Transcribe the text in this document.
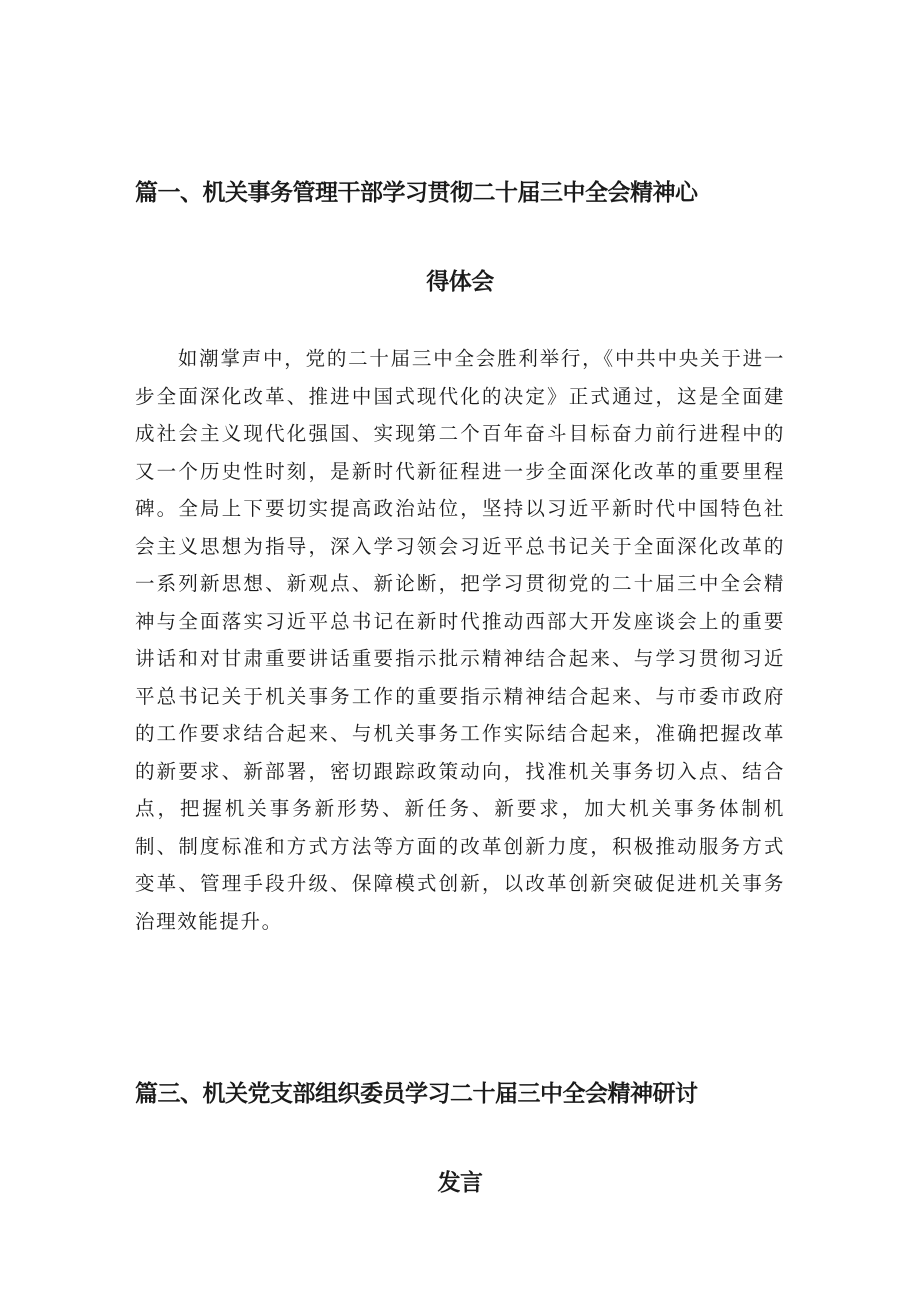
篇一、机关事务管理干部学习贯彻二十届三中全会精神心
得体会

如潮掌声中，党的二十届三中全会胜利举行，《中共中央关于进一步全面深化改革、推进中国式现代化的决定》正式通过，这是全面建成社会主义现代化强国、实现第二个百年奋斗目标奋力前行进程中的又一个历史性时刻，是新时代新征程进一步全面深化改革的重要里程碑。全局上下要切实提高政治站位，坚持以习近平新时代中国特色社会主义思想为指导，深入学习领会习近平总书记关于全面深化改革的一系列新思想、新观点、新论断，把学习贯彻党的二十届三中全会精神与全面落实习近平总书记在新时代推动西部大开发座谈会上的重要讲话和对甘肃重要讲话重要指示批示精神结合起来、与学习贯彻习近平总书记关于机关事务工作的重要指示精神结合起来、与市委市政府的工作要求结合起来、与机关事务工作实际结合起来，准确把握改革的新要求、新部署，密切跟踪政策动向，找准机关事务切入点、结合点，把握机关事务新形势、新任务、新要求，加大机关事务体制机制、制度标准和方式方法等方面的改革创新力度，积极推动服务方式变革、管理手段升级、保障模式创新，以改革创新突破促进机关事务治理效能提升。

篇三、机关党支部组织委员学习二十届三中全会精神研讨
发言
